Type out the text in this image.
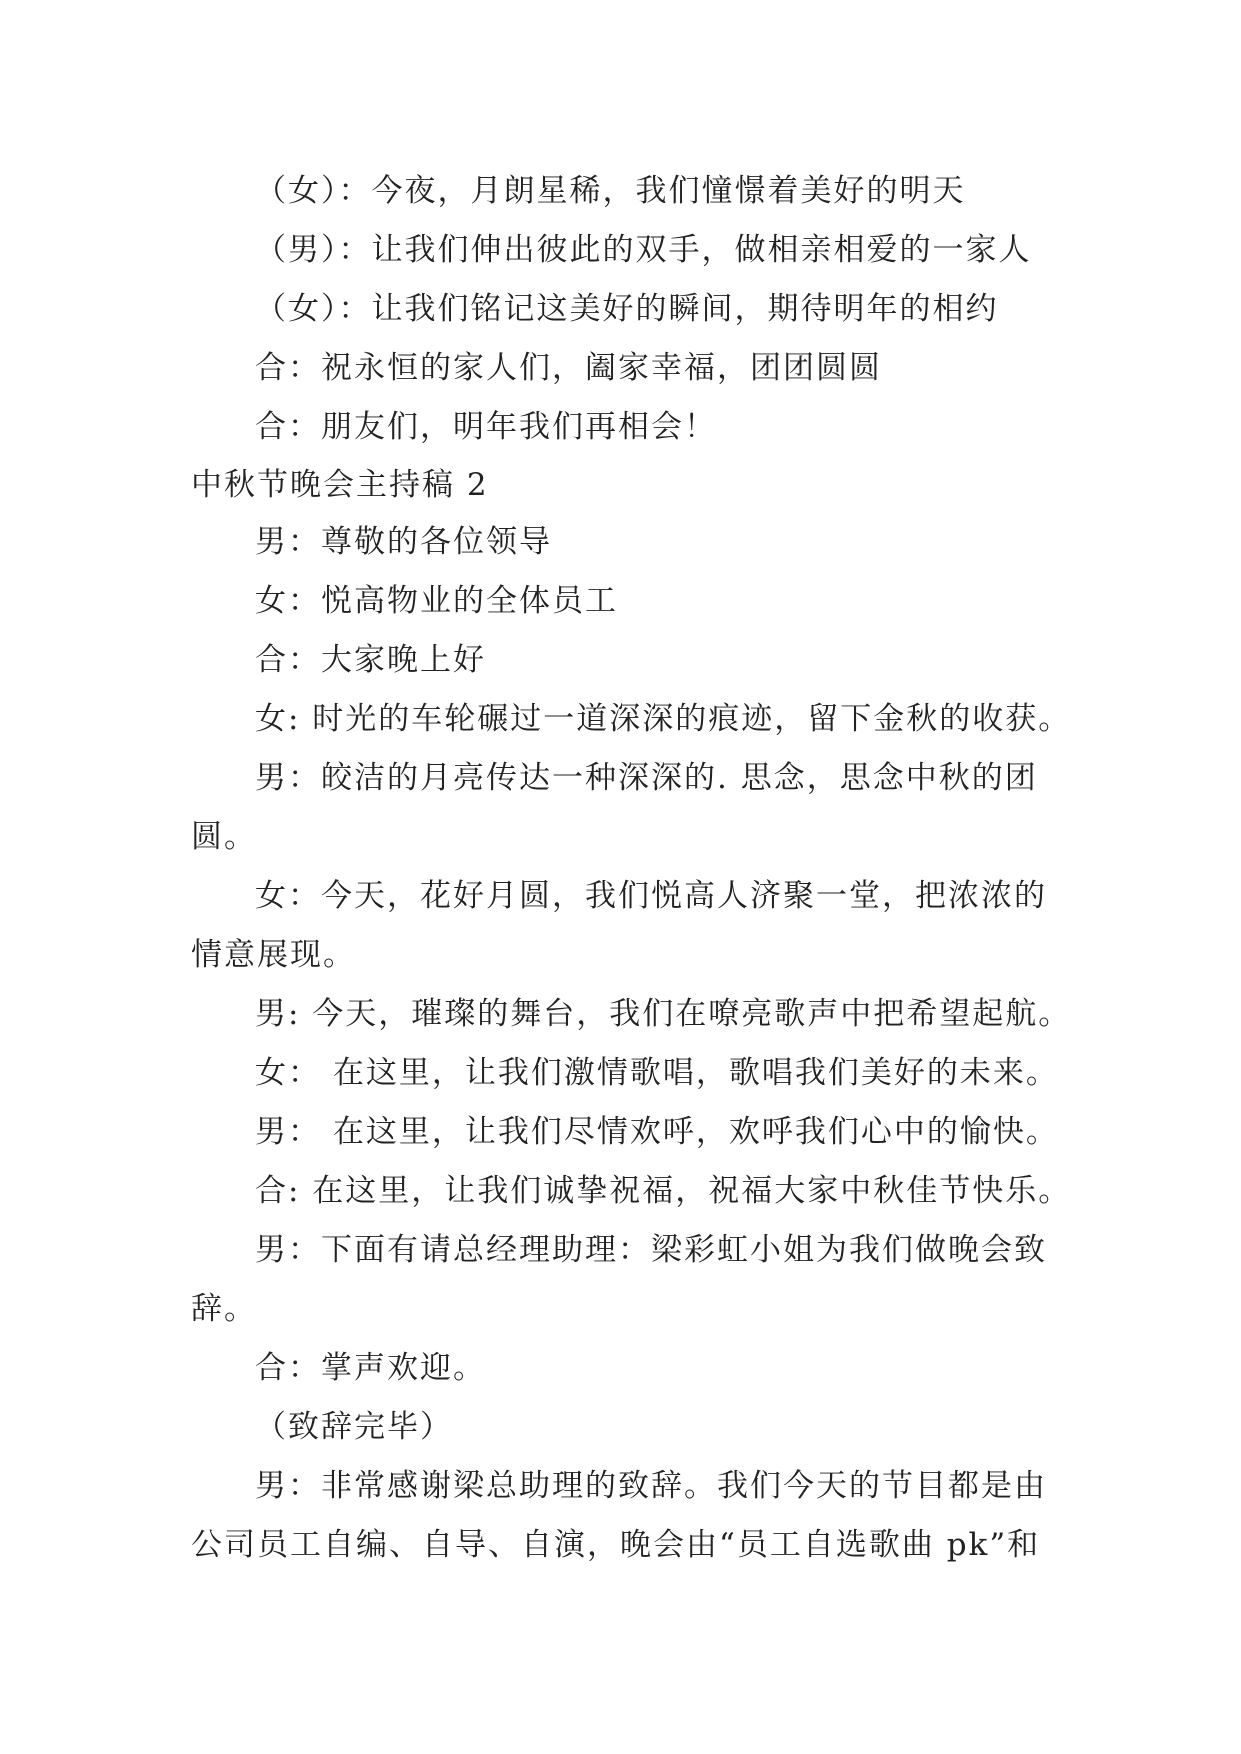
（女）：今夜，月朗星稀，我们憧憬着美好的明天
（男）：让我们伸出彼此的双手，做相亲相爱的一家人
（女）：让我们铭记这美好的瞬间，期待明年的相约
合：祝永恒的家人们，阖家幸福，团团圆圆
合：朋友们，明年我们再相会！
中秋节晚会主持稿 2
男：尊敬的各位领导
女：悦高物业的全体员工
合：大家晚上好
女: 时光的车轮碾过一道深深的痕迹，留下金秋的收获。
男：皎洁的月亮传达一种深深的. 思念，思念中秋的团
圆。
女：今天，花好月圆，我们悦高人济聚一堂，把浓浓的
情意展现。
男: 今天，璀璨的舞台，我们在嘹亮歌声中把希望起航。
女： 在这里，让我们激情歌唱，歌唱我们美好的未来。
男： 在这里，让我们尽情欢呼，欢呼我们心中的愉快。
合: 在这里，让我们诚挚祝福，祝福大家中秋佳节快乐。
男：下面有请总经理助理：梁彩虹小姐为我们做晚会致
辞。
合：掌声欢迎。
（致辞完毕）
男：非常感谢梁总助理的致辞。我们今天的节目都是由
公司员工自编、自导、自演，晚会由“员工自选歌曲 pk”和
